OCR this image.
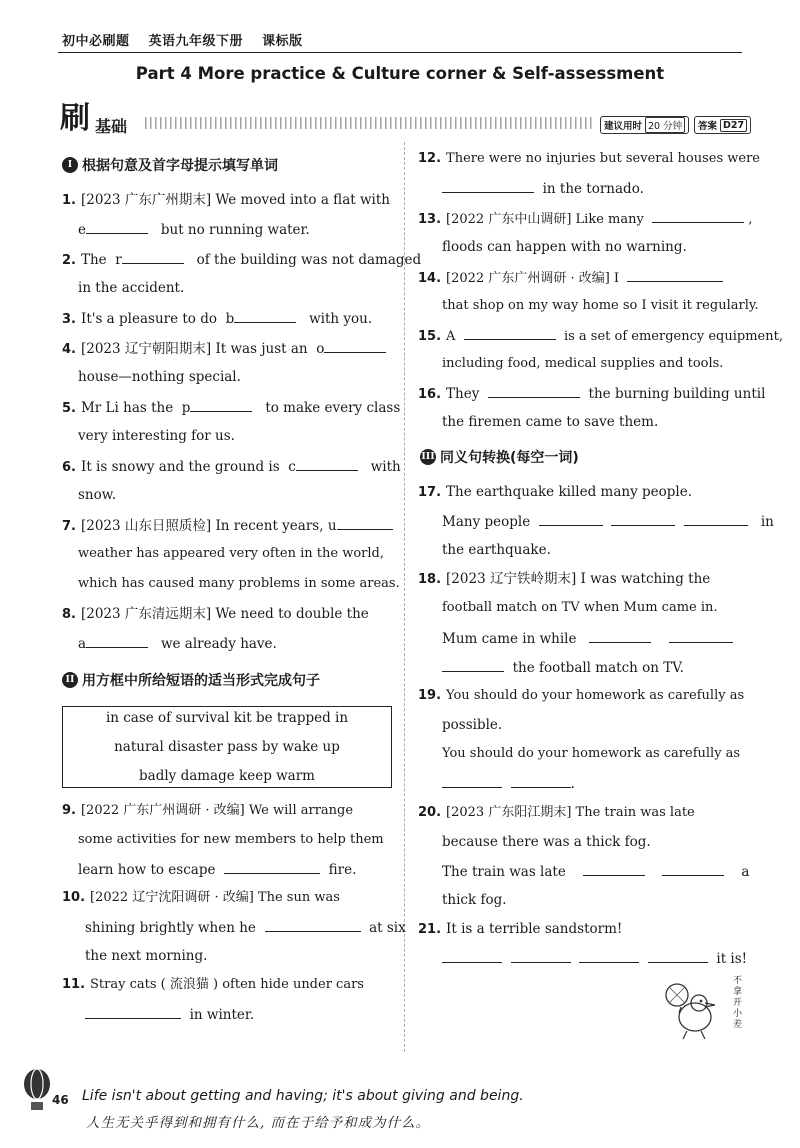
初中必刷题 英语九年级下册 课标版
Part 4 More practice & Culture corner & Self-assessment
刷 基础	建议用时 20 分钟	答案 D27
I 根据句意及首字母提示填写单词
1. [2023 广东广州期末] We moved into a flat with
e	but no running water.
2. The r	of the building was not damaged
in the accident.
3. It's a pleasure to do b	with you.
4. [2023 辽宁朝阳期末] It was just an o
house—nothing special.
5. Mr Li has the p	to make every class
very interesting for us.
6. It is snowy and the ground is c	with
snow.
7. [2023 山东日照质检] In recent years, u
weather has appeared very often in the world,
which has caused many problems in some areas.
8. [2023 广东清远期末] We need to double the
a	we already have.
II 用方框中所给短语的适当形式完成句子
in case of survival kit be trapped in
natural disaster pass by wake up
badly damage keep warm
9. [2022 广东广州调研 · 改编] We will arrange
some activities for new members to help them
learn how to escape	fire.
10. [2022 辽宁沈阳调研 · 改编] The sun was
shining brightly when he	at six
the next morning.
11. Stray cats ( 流浪猫 ) often hide under cars
in winter.
12. There were no injuries but several houses were
in the tornado.
13. [2022 广东中山调研] Like many	,
floods can happen with no warning.
14. [2022 广东广州调研 · 改编] I
that shop on my way home so I visit it regularly.
15. A	is a set of emergency equipment,
including food, medical supplies and tools.
16. They	the burning building until
the firemen came to save them.
III 同义句转换(每空一词)
17. The earthquake killed many people.
Many people	in
the earthquake.
18. [2023 辽宁铁岭期末] I was watching the
football match on TV when Mum came in.
Mum came in while
the football match on TV.
19. You should do your homework as carefully as
possible.
You should do your homework as carefully as
.
20. [2023 广东阳江期末] The train was late
because there was a thick fog.
The train was late	a
thick fog.
21. It is a terrible sandstorm!
it is!
不拿开小差
46 Life isn't about getting and having; it's about giving and being.
人生无关乎得到和拥有什么, 而在于给予和成为什么。
